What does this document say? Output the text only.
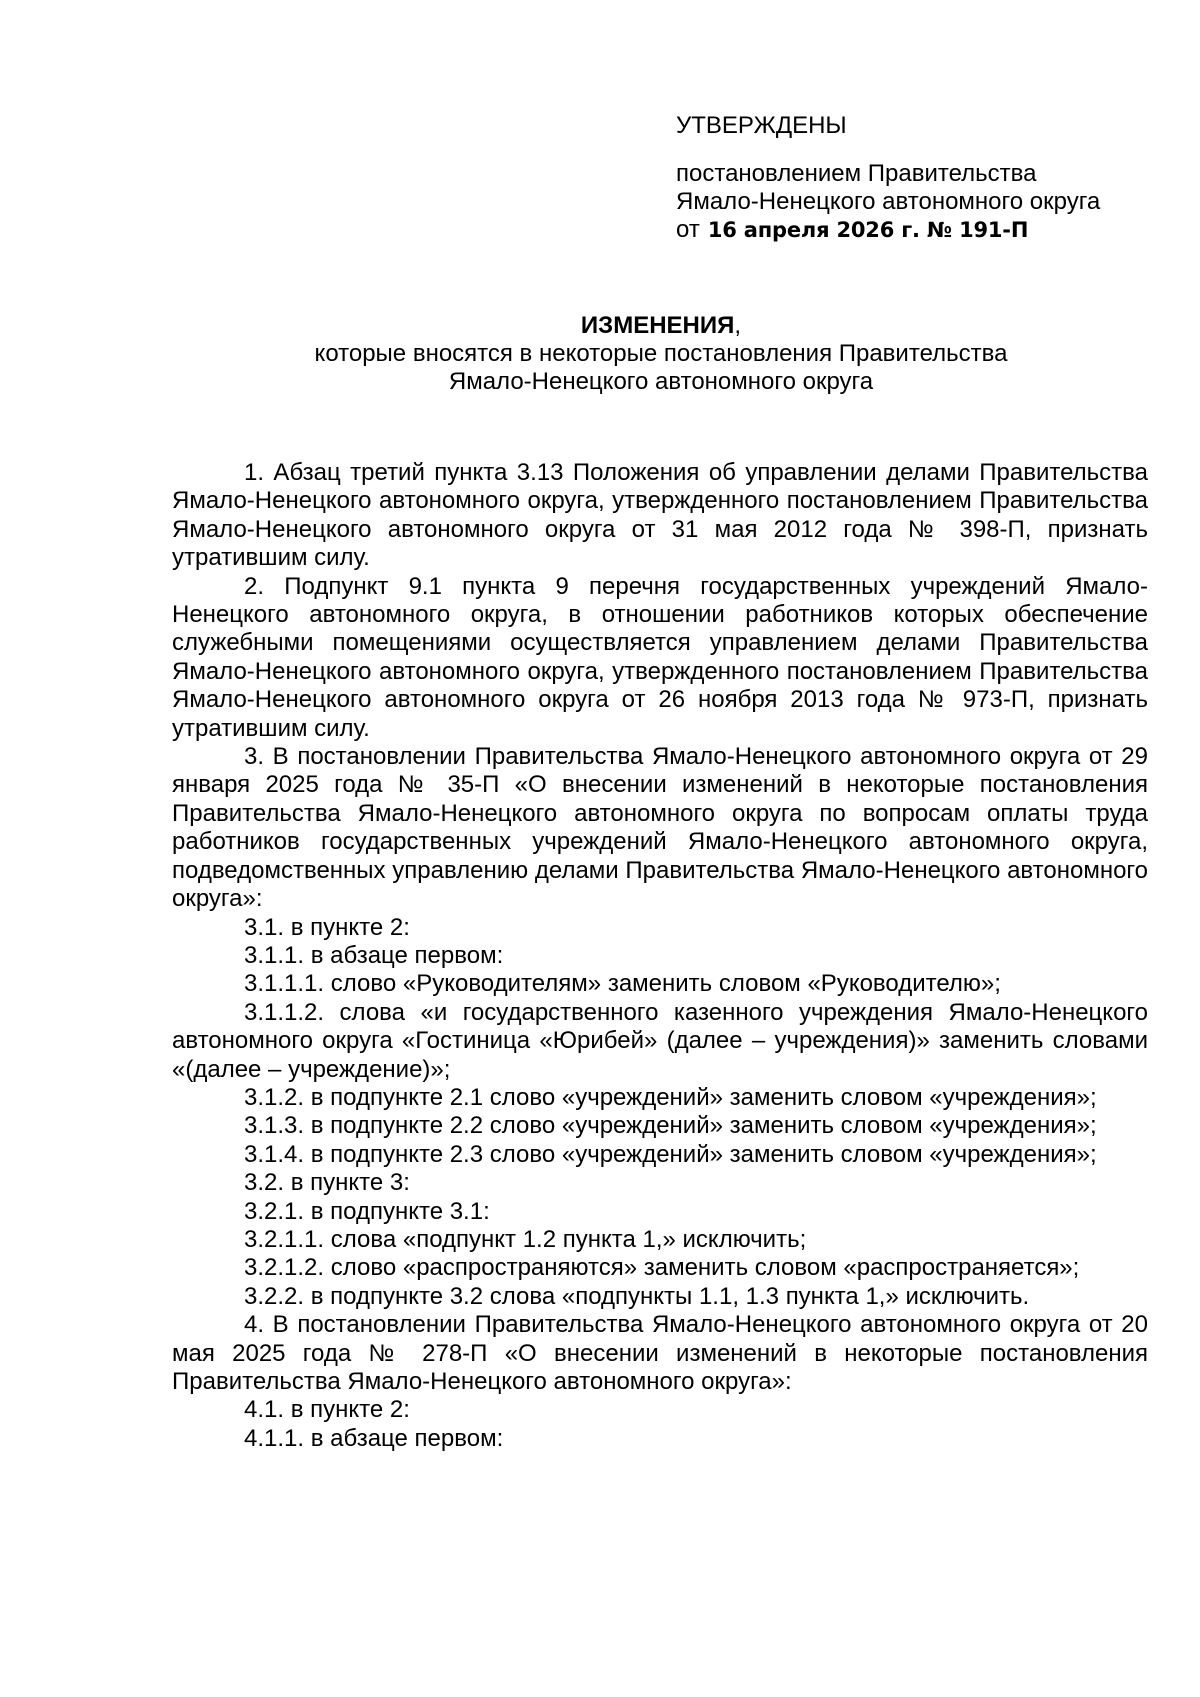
УТВЕРЖДЕНЫ

постановлением Правительства

Ямало-Ненецкого автономного округа

от 16 апреля 2026 г. № 191-П

ИЗМЕНЕНИЯ,

которые вносятся в некоторые постановления Правительства

Ямало-Ненецкого автономного округа

1. Абзац третий пункта 3.13 Положения об управлении делами Правительства Ямало-Ненецкого автономного округа, утвержденного постановлением Правительства Ямало-Ненецкого автономного округа от 31 мая 2012 года № 398-П, признать утратившим силу.

2. Подпункт 9.1 пункта 9 перечня государственных учреждений Ямало-Ненецкого автономного округа, в отношении работников которых обеспечение служебными помещениями осуществляется управлением делами Правительства Ямало-Ненецкого автономного округа, утвержденного постановлением Правительства Ямало-Ненецкого автономного округа от 26 ноября 2013 года № 973-П, признать утратившим силу.

3. В постановлении Правительства Ямало-Ненецкого автономного округа от 29 января 2025 года № 35-П «О внесении изменений в некоторые постановления Правительства Ямало-Ненецкого автономного округа по вопросам оплаты труда работников государственных учреждений Ямало-Ненецкого автономного округа, подведомственных управлению делами Правительства Ямало-Ненецкого автономного округа»:

3.1. в пункте 2:

3.1.1. в абзаце первом:

3.1.1.1. слово «Руководителям» заменить словом «Руководителю»;

3.1.1.2. слова «и государственного казенного учреждения Ямало-Ненецкого автономного округа «Гостиница «Юрибей» (далее – учреждения)» заменить словами «(далее – учреждение)»;

3.1.2. в подпункте 2.1 слово «учреждений» заменить словом «учреждения»;

3.1.3. в подпункте 2.2 слово «учреждений» заменить словом «учреждения»;

3.1.4. в подпункте 2.3 слово «учреждений» заменить словом «учреждения»;

3.2. в пункте 3:

3.2.1. в подпункте 3.1:

3.2.1.1. слова «подпункт 1.2 пункта 1,» исключить;

3.2.1.2. слово «распространяются» заменить словом «распространяется»;

3.2.2. в подпункте 3.2 слова «подпункты 1.1, 1.3 пункта 1,» исключить.

4. В постановлении Правительства Ямало-Ненецкого автономного округа от 20 мая 2025 года № 278-П «О внесении изменений в некоторые постановления Правительства Ямало-Ненецкого автономного округа»:

4.1. в пункте 2:

4.1.1. в абзаце первом:
